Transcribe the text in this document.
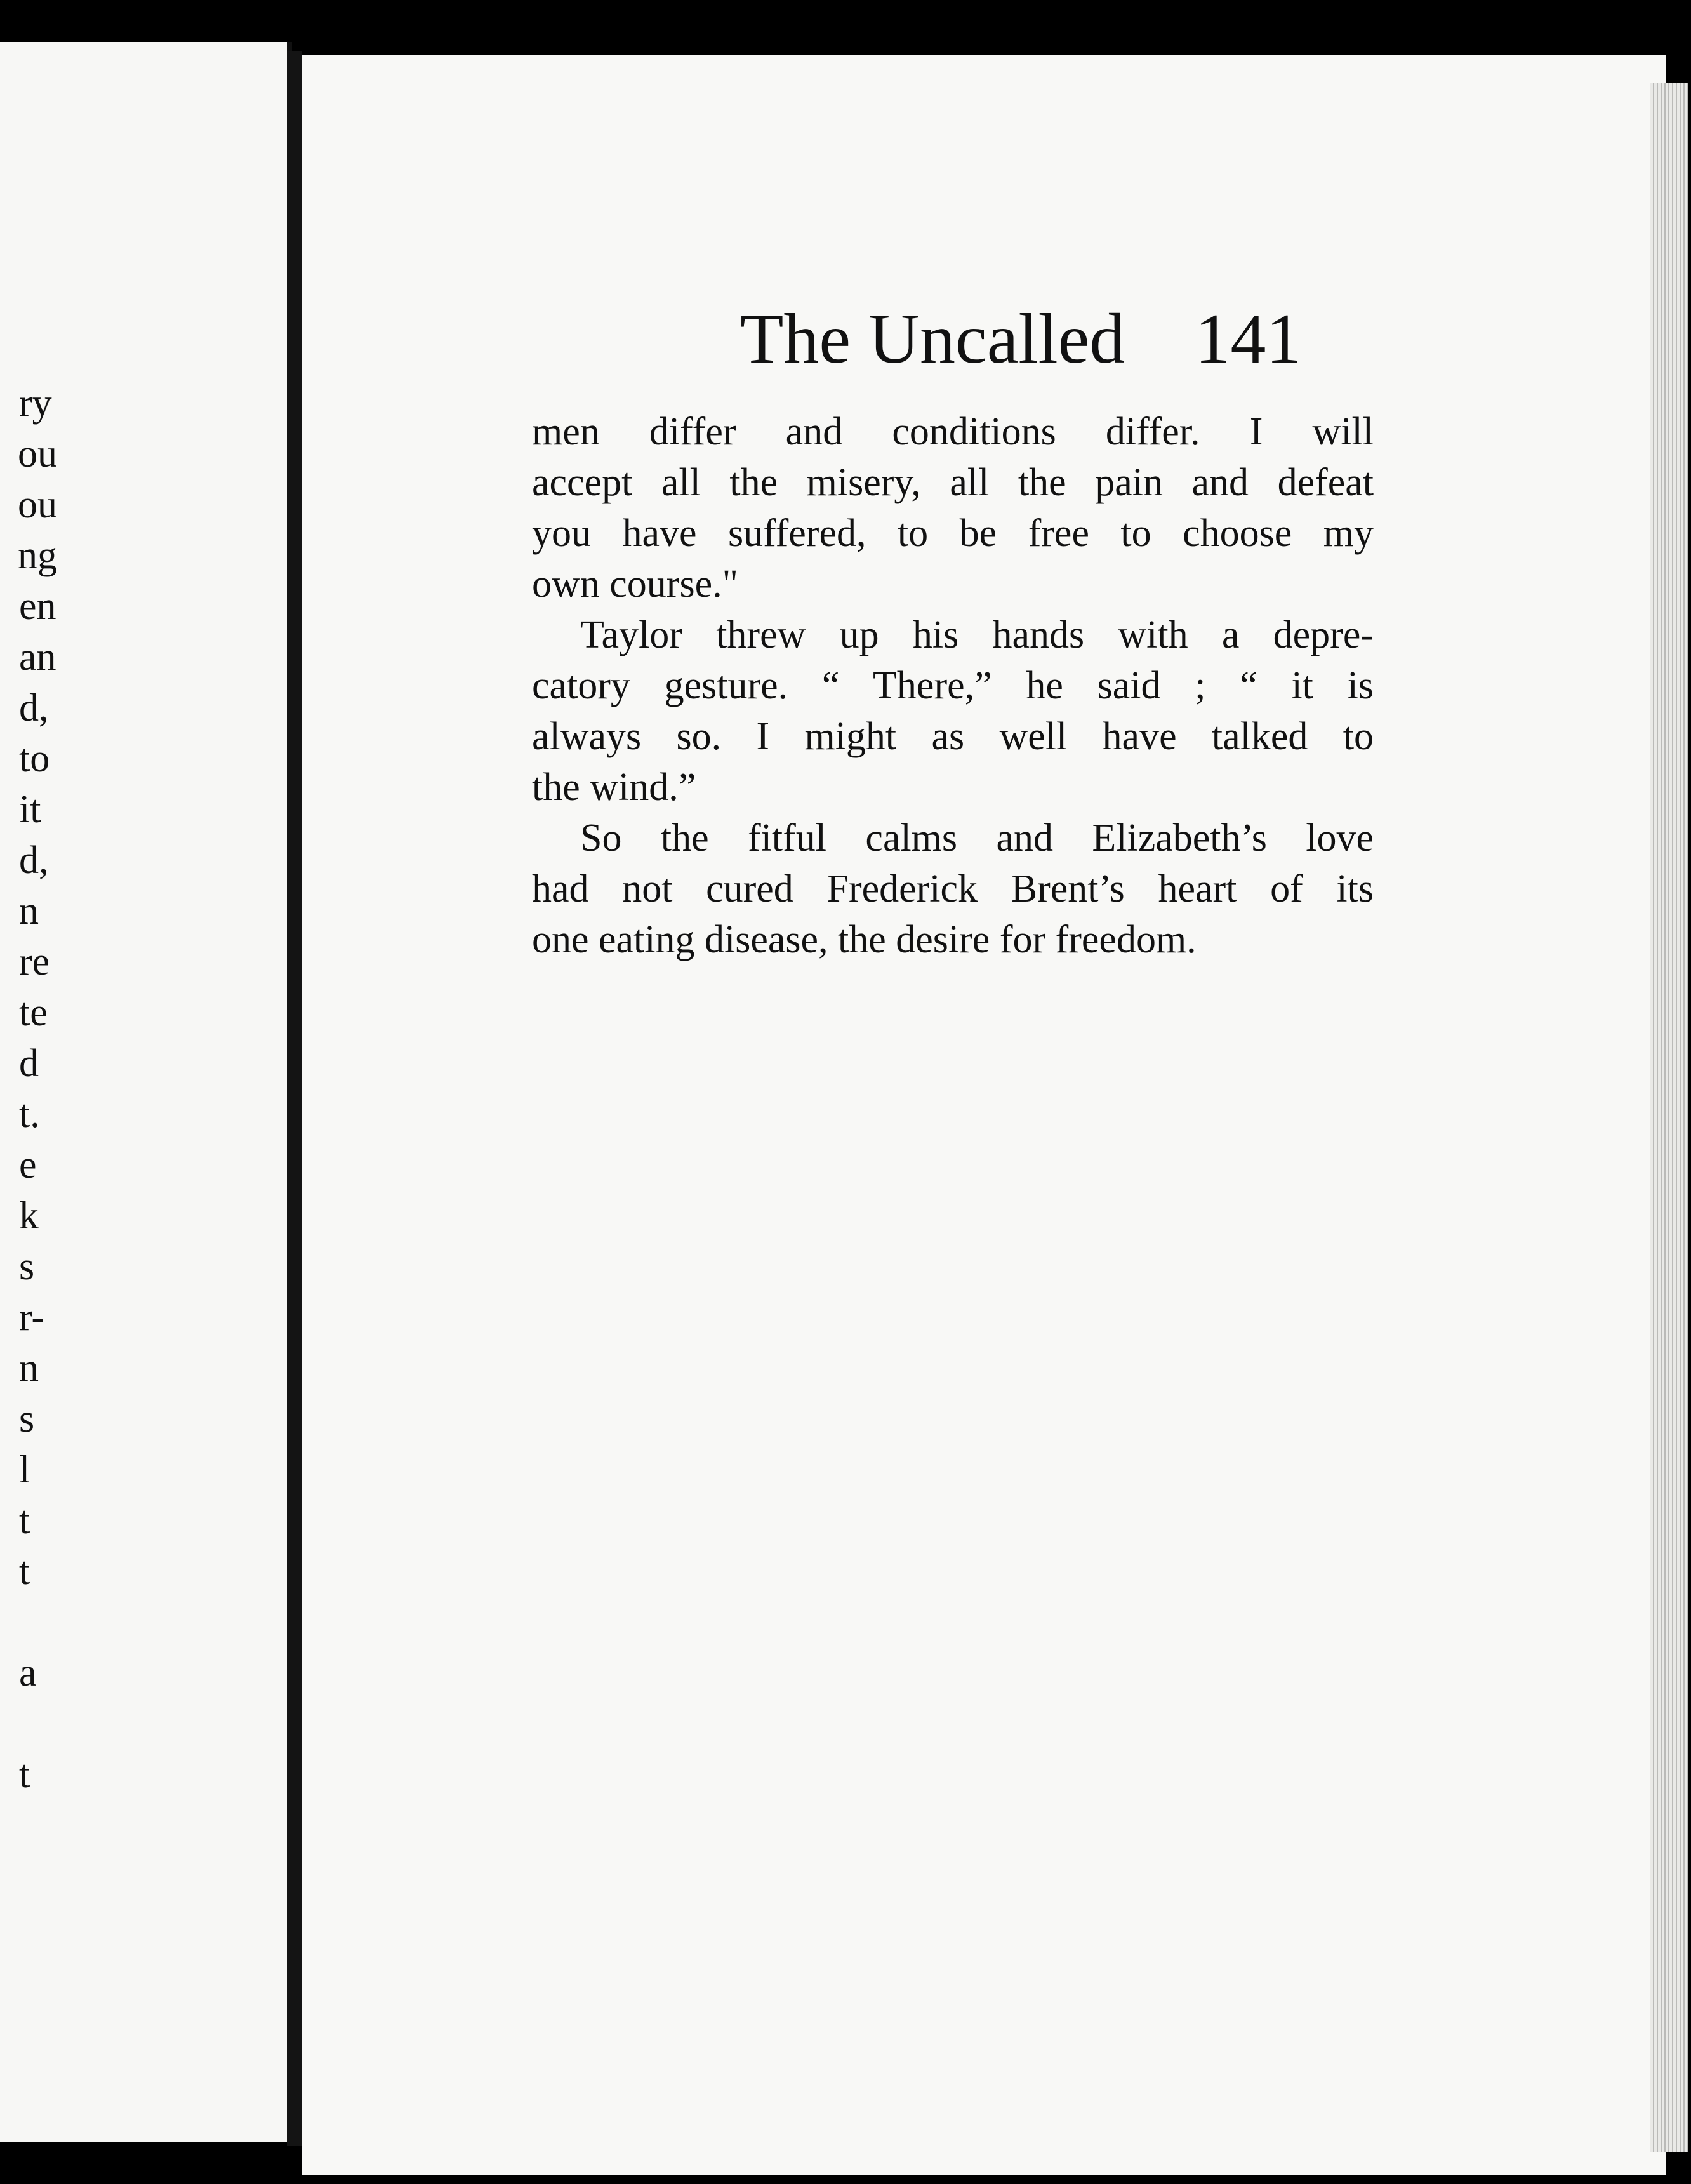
ry
ou
ou
ng
en
an
d,
to
it
d,
n
re
te
d
t.
e
k
s
r-
n
s
l
t
t
a
t
The Uncalled 141
men differ and conditions differ. I will
accept all the misery, all the pain and defeat
you have suffered, to be free to choose my
own course."
Taylor threw up his hands with a depre-
catory gesture. “ There,” he said ; “ it is
always so. I might as well have talked to
the wind.”
So the fitful calms and Elizabeth’s love
had not cured Frederick Brent’s heart of its
one eating disease, the desire for freedom.
